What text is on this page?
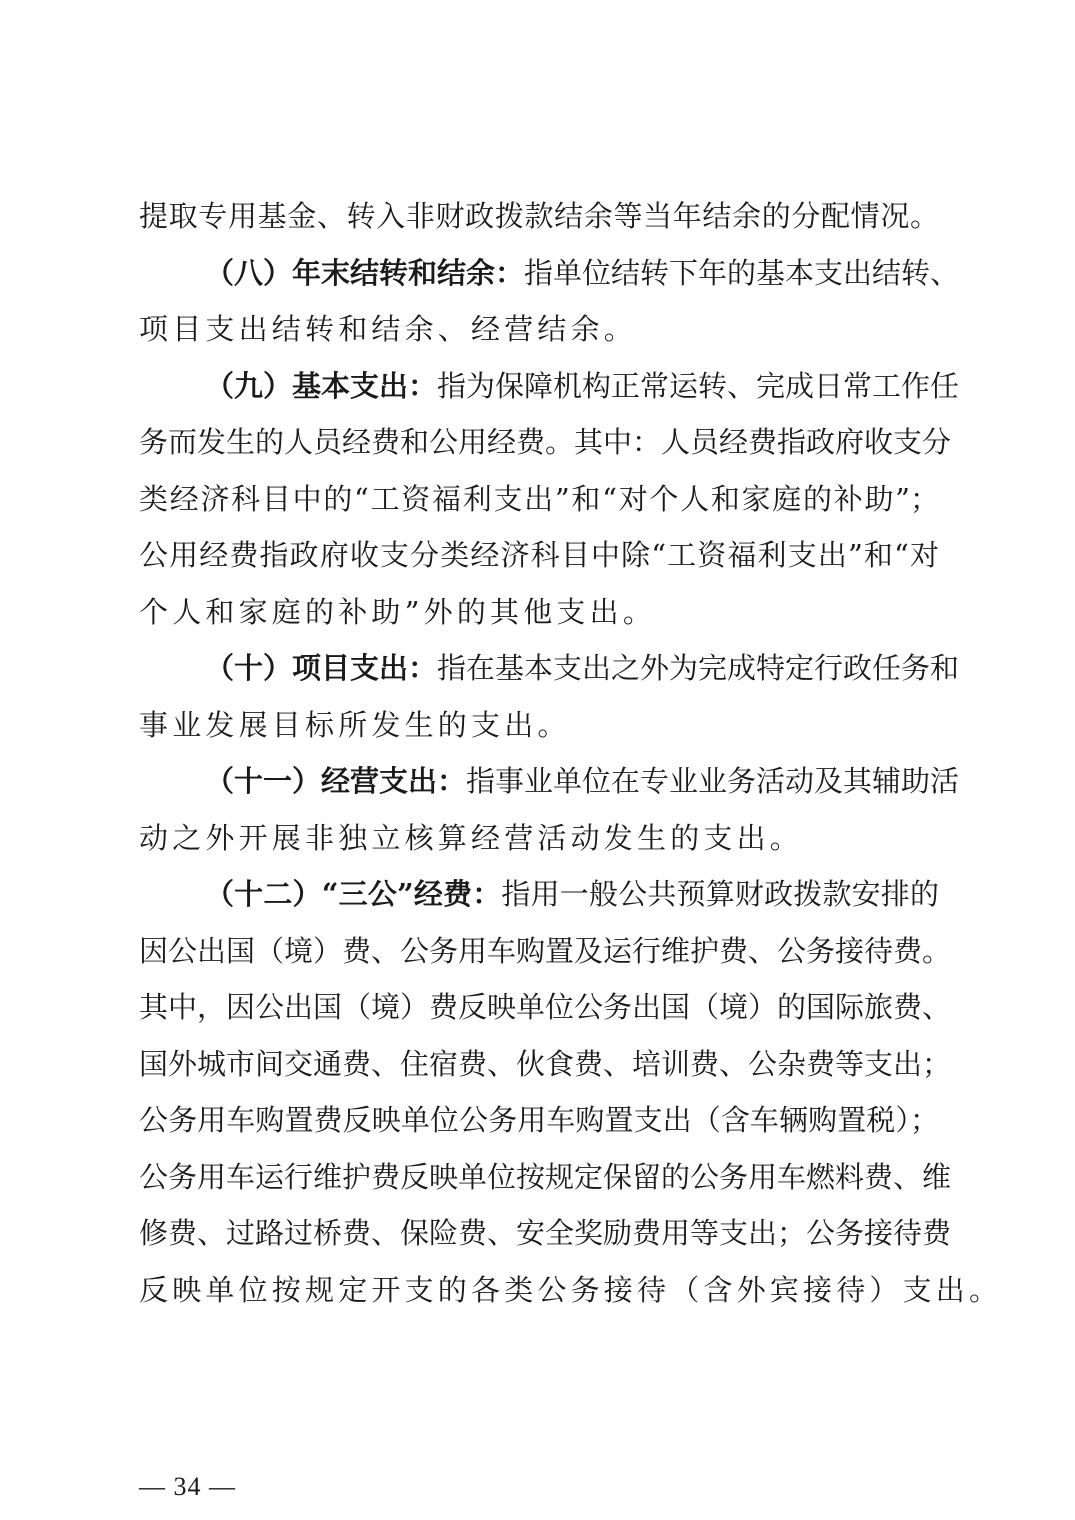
提取专用基金、转入非财政拨款结余等当年结余的分配情况。
（八）年末结转和结余：指单位结转下年的基本支出结转、
项目支出结转和结余、经营结余。
（九）基本支出：指为保障机构正常运转、完成日常工作任
务而发生的人员经费和公用经费。其中：人员经费指政府收支分
类经济科目中的“工资福利支出”和“对个人和家庭的补助”；
公用经费指政府收支分类经济科目中除“工资福利支出”和“对
个人和家庭的补助”外的其他支出。
（十）项目支出：指在基本支出之外为完成特定行政任务和
事业发展目标所发生的支出。
（十一）经营支出：指事业单位在专业业务活动及其辅助活
动之外开展非独立核算经营活动发生的支出。
（十二）“三公”经费：指用一般公共预算财政拨款安排的
因公出国（境）费、公务用车购置及运行维护费、公务接待费。
其中，因公出国（境）费反映单位公务出国（境）的国际旅费、
国外城市间交通费、住宿费、伙食费、培训费、公杂费等支出；
公务用车购置费反映单位公务用车购置支出（含车辆购置税）；
公务用车运行维护费反映单位按规定保留的公务用车燃料费、维
修费、过路过桥费、保险费、安全奖励费用等支出；公务接待费
反映单位按规定开支的各类公务接待（含外宾接待）支出。
— 34 —
